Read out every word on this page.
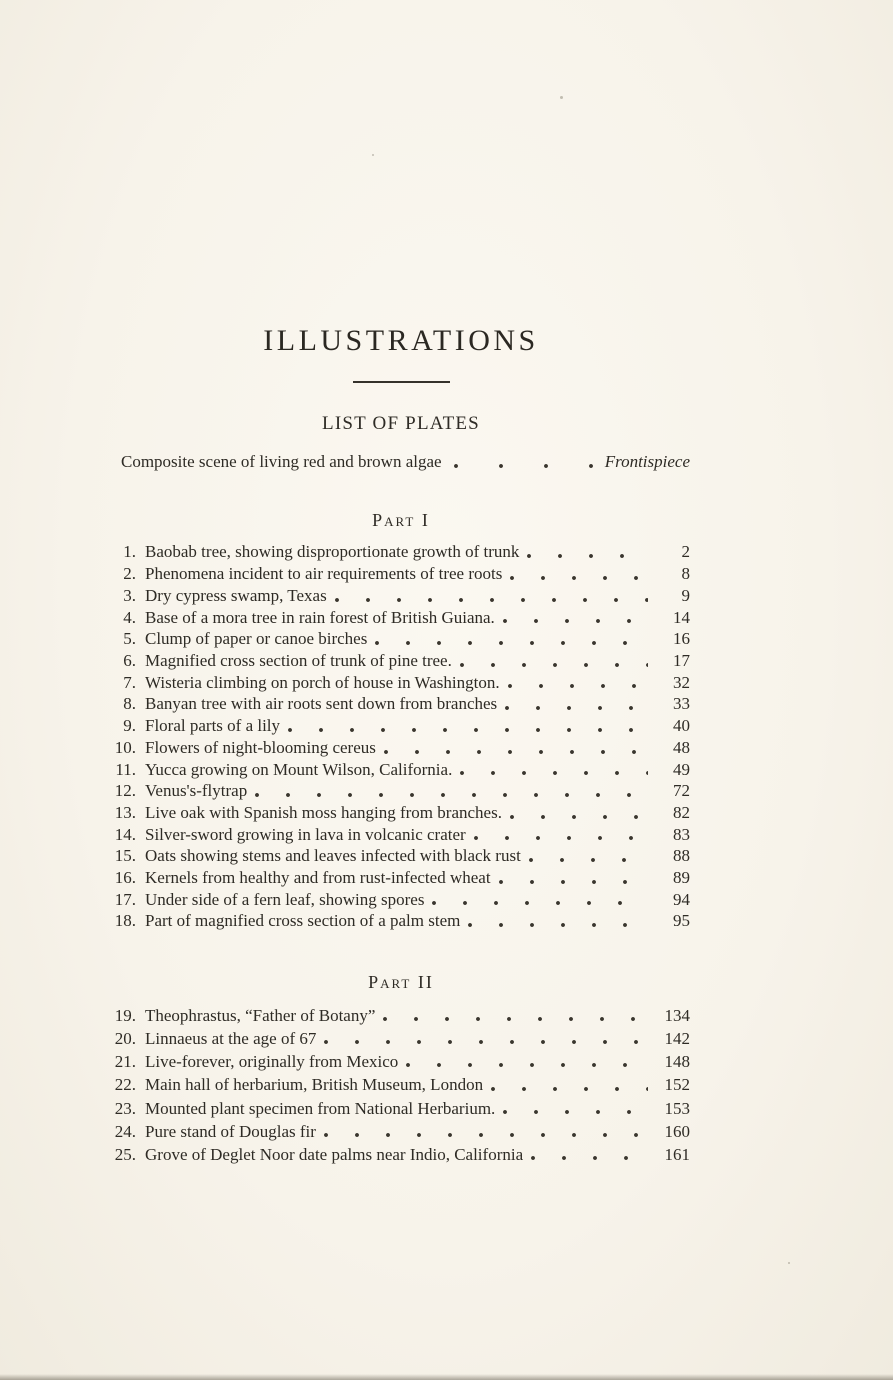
ILLUSTRATIONS
LIST OF PLATES
Composite scene of living red and brown algae	Frontispiece
Part I
1. Baobab tree, showing disproportionate growth of trunk	2
2. Phenomena incident to air requirements of tree roots	8
3. Dry cypress swamp, Texas	9
4. Base of a mora tree in rain forest of British Guiana.	14
5. Clump of paper or canoe birches	16
6. Magnified cross section of trunk of pine tree.	17
7. Wisteria climbing on porch of house in Washington.	32
8. Banyan tree with air roots sent down from branches	33
9. Floral parts of a lily	40
10. Flowers of night-blooming cereus	48
11. Yucca growing on Mount Wilson, California.	49
12. Venus's-flytrap	72
13. Live oak with Spanish moss hanging from branches.	82
14. Silver-sword growing in lava in volcanic crater	83
15. Oats showing stems and leaves infected with black rust	88
16. Kernels from healthy and from rust-infected wheat	89
17. Under side of a fern leaf, showing spores	94
18. Part of magnified cross section of a palm stem	95
Part II
19. Theophrastus, “Father of Botany”	134
20. Linnaeus at the age of 67	142
21. Live-forever, originally from Mexico	148
22. Main hall of herbarium, British Museum, London	152
23. Mounted plant specimen from National Herbarium.	153
24. Pure stand of Douglas fir	160
25. Grove of Deglet Noor date palms near Indio, California	161
